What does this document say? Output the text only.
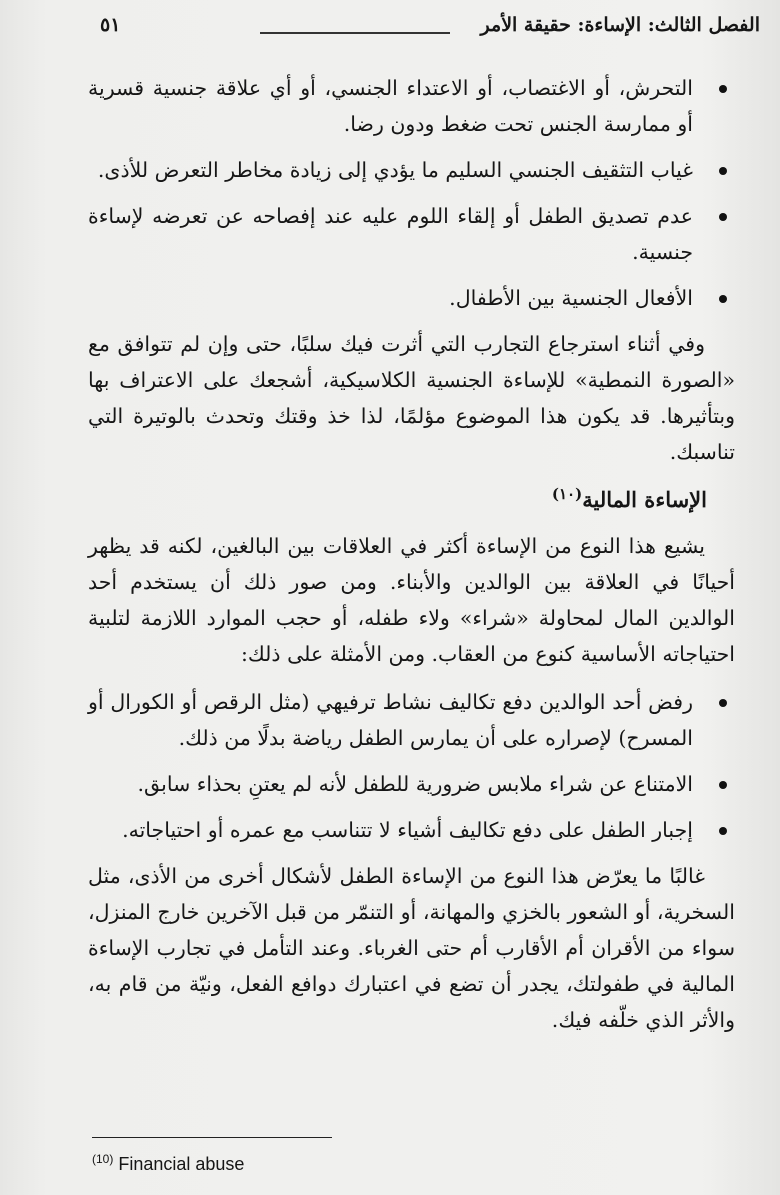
الفصل الثالث: الإساءة: حقيقة الأمر
٥١
التحرش، أو الاغتصاب، أو الاعتداء الجنسي، أو أي علاقة جنسية قسرية أو ممارسة الجنس تحت ضغط ودون رضا.
غياب التثقيف الجنسي السليم ما يؤدي إلى زيادة مخاطر التعرض للأذى.
عدم تصديق الطفل أو إلقاء اللوم عليه عند إفصاحه عن تعرضه لإساءة جنسية.
الأفعال الجنسية بين الأطفال.

وفي أثناء استرجاع التجارب التي أثرت فيك سلبًا، حتى وإن لم تتوافق مع «الصورة النمطية» للإساءة الجنسية الكلاسيكية، أشجعك على الاعتراف بها وبتأثيرها. قد يكون هذا الموضوع مؤلمًا، لذا خذ وقتك وتحدث بالوتيرة التي تناسبك.

الإساءة المالية$^{(١٠)}$

يشيع هذا النوع من الإساءة أكثر في العلاقات بين البالغين، لكنه قد يظهر أحيانًا في العلاقة بين الوالدين والأبناء. ومن صور ذلك أن يستخدم أحد الوالدين المال لمحاولة «شراء» ولاء طفله، أو حجب الموارد اللازمة لتلبية احتياجاته الأساسية كنوع من العقاب. ومن الأمثلة على ذلك:

رفض أحد الوالدين دفع تكاليف نشاط ترفيهي (مثل الرقص أو الكورال أو المسرح) لإصراره على أن يمارس الطفل رياضة بدلًا من ذلك.
الامتناع عن شراء ملابس ضرورية للطفل لأنه لم يعتنِ بحذاء سابق.
إجبار الطفل على دفع تكاليف أشياء لا تتناسب مع عمره أو احتياجاته.

غالبًا ما يعرّض هذا النوع من الإساءة الطفل لأشكال أخرى من الأذى، مثل السخرية، أو الشعور بالخزي والمهانة، أو التنمّر من قبل الآخرين خارج المنزل، سواء من الأقران أم الأقارب أم حتى الغرباء. وعند التأمل في تجارب الإساءة المالية في طفولتك، يجدر أن تضع في اعتبارك دوافع الفعل، ونيّة من قام به، والأثر الذي خلّفه فيك.

$^{(10)}$ Financial abuse
